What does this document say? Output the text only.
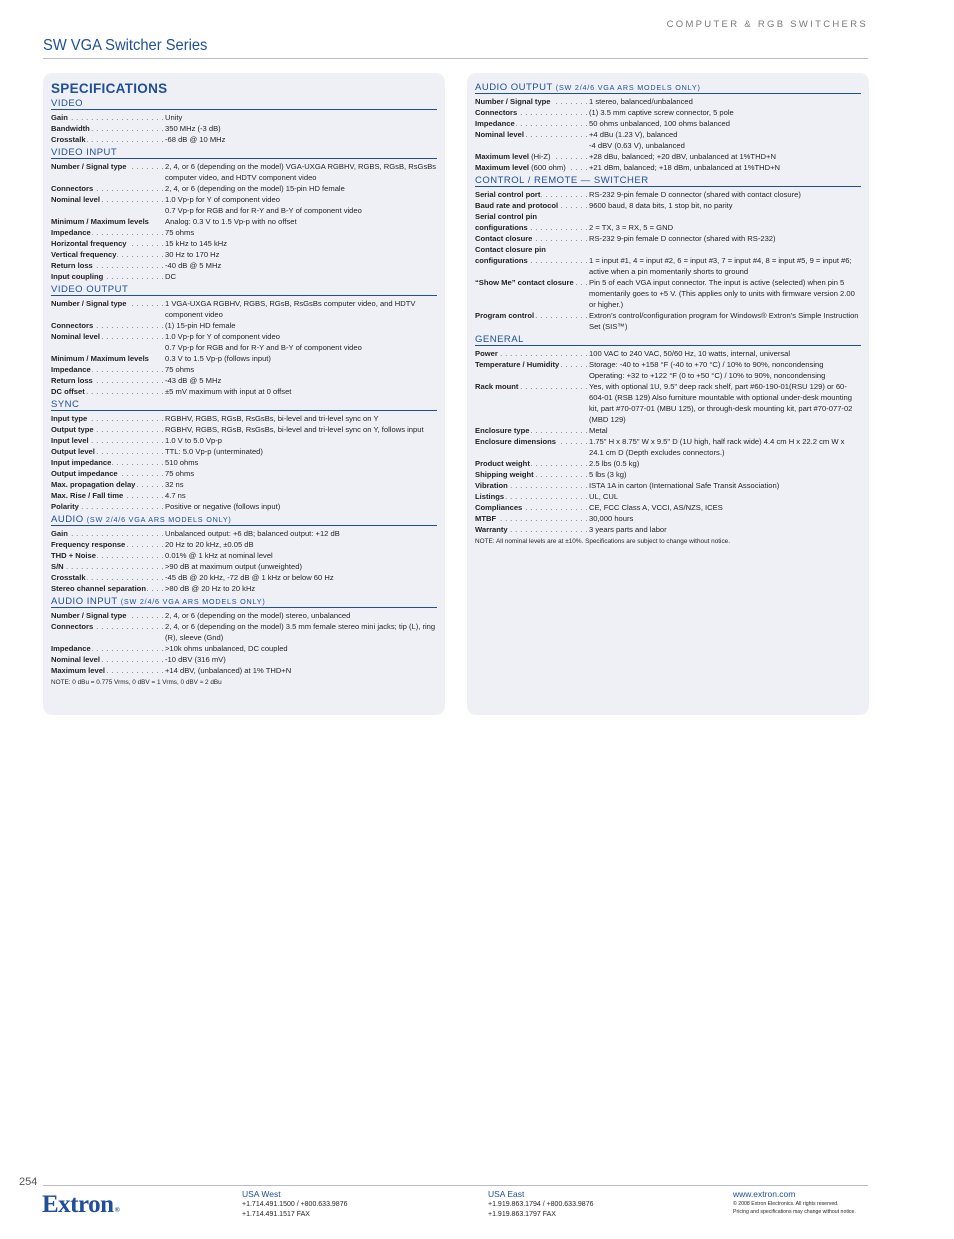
COMPUTER & RGB SWITCHERS
SW VGA Switcher Series
SPECIFICATIONS
VIDEO
Gain . . .	Unity
Bandwidth . . .	350 MHz (-3 dB)
Crosstalk . . .	-68 dB @ 10 MHz
VIDEO INPUT
Number / Signal type . . .	2, 4, or 6 (depending on the model) VGA-UXGA RGBHV, RGBS, RGsB, RsGsBs computer video, and HDTV component video
Connectors . . .	2, 4, or 6 (depending on the model) 15-pin HD female
Nominal level . . .	1.0 Vp-p for Y of component video
0.7 Vp-p for RGB and for R-Y and B-Y of component video
Minimum / Maximum levels	Analog: 0.3 V to 1.5 Vp-p with no offset
Impedance . . .	75 ohms
Horizontal frequency . . .	15 kHz to 145 kHz
Vertical frequency . . .	30 Hz to 170 Hz
Return loss . . .	-40 dB @ 5 MHz
Input coupling . . .	DC
VIDEO OUTPUT
Number / Signal type . . .	1 VGA-UXGA RGBHV, RGBS, RGsB, RsGsBs computer video, and HDTV component video
Connectors . . .	(1) 15-pin HD female
Nominal level . . .	1.0 Vp-p for Y of component video
0.7 Vp-p for RGB and for R-Y and B-Y of component video
Minimum / Maximum levels	0.3 V to 1.5 Vp-p (follows input)
Impedance . . .	75 ohms
Return loss . . .	-43 dB @ 5 MHz
DC offset . . .	±5 mV maximum with input at 0 offset
SYNC
Input type . . .	RGBHV, RGBS, RGsB, RsGsBs, bi-level and tri-level sync on Y
Output type . . .	RGBHV, RGBS, RGsB, RsGsBs, bi-level and tri-level sync on Y, follows input
Input level . . .	1.0 V to 5.0 Vp-p
Output level . . .	TTL: 5.0 Vp-p (unterminated)
Input impedance . . .	510 ohms
Output impedance . . .	75 ohms
Max. propagation delay . . .	32 ns
Max. Rise / Fall time . . .	4.7 ns
Polarity . . .	Positive or negative (follows input)
AUDIO (SW 2/4/6 VGA ARS MODELS ONLY)
Gain . . .	Unbalanced output: +6 dB; balanced output: +12 dB
Frequency response . . .	20 Hz to 20 kHz, ±0.05 dB
THD + Noise . . .	0.01% @ 1 kHz at nominal level
S/N . . .	>90 dB at maximum output (unweighted)
Crosstalk . . .	-45 dB @ 20 kHz, -72 dB @ 1 kHz or below 60 Hz
Stereo channel separation . . .	>80 dB @ 20 Hz to 20 kHz
AUDIO INPUT (SW 2/4/6 VGA ARS MODELS ONLY)
Number / Signal type . . .	2, 4, or 6 (depending on the model) stereo, unbalanced
Connectors . . .	2, 4, or 6 (depending on the model) 3.5 mm female stereo mini jacks; tip (L), ring (R), sleeve (Gnd)
Impedance . . .	>10k ohms unbalanced, DC coupled
Nominal level . . .	-10 dBV (316 mV)
Maximum level . . .	+14 dBV, (unbalanced) at 1% THD+N
NOTE: 0 dBu = 0.775 Vrms, 0 dBV = 1 Vrms, 0 dBV ≈ 2 dBu
AUDIO OUTPUT (SW 2/4/6 VGA ARS MODELS ONLY)
Number / Signal type . . .	1 stereo, balanced/unbalanced
Connectors . . .	(1) 3.5 mm captive screw connector, 5 pole
Impedance . . .	50 ohms unbalanced, 100 ohms balanced
Nominal level . . .	+4 dBu (1.23 V), balanced
-4 dBV (0.63 V), unbalanced
Maximum level (Hi-Z) . . .	+28 dBu, balanced; +20 dBV, unbalanced at 1%THD+N
Maximum level (600 ohm) . . .	+21 dBm, balanced; +18 dBm, unbalanced at 1%THD+N
CONTROL / REMOTE — SWITCHER
Serial control port . . .	RS-232 9-pin female D connector (shared with contact closure)
Baud rate and protocol . . .	9600 baud, 8 data bits, 1 stop bit, no parity
Serial control pin
configurations . . .	2 = TX, 3 = RX, 5 = GND
Contact closure . . .	RS-232 9-pin female D connector (shared with RS-232)
Contact closure pin
configurations . . .	1 = input #1, 4 = input #2, 6 = input #3, 7 = input #4, 8 = input #5, 9 = input #6; active when a pin momentarily shorts to ground
“Show Me” contact closure . . .	Pin 5 of each VGA input connector. The input is active (selected) when pin 5 momentarily goes to +5 V. (This applies only to units with firmware version 2.00 or higher.)
Program control . . .	Extron’s control/configuration program for Windows® Extron’s Simple Instruction Set (SIS™)
GENERAL
Power . . .	100 VAC to 240 VAC, 50/60 Hz, 10 watts, internal, universal
Temperature / Humidity . . .	Storage: -40 to +158 °F (-40 to +70 °C) / 10% to 90%, noncondensing Operating: +32 to +122 °F (0 to +50 °C) / 10% to 90%, noncondensing
Rack mount . . .	Yes, with optional 1U, 9.5" deep rack shelf, part #60-190-01(RSU 129) or 60-604-01 (RSB 129) Also furniture mountable with optional under-desk mounting kit, part #70-077-01 (MBU 125), or through-desk mounting kit, part #70-077-02 (MBD 129)
Enclosure type . . .	Metal
Enclosure dimensions . . .	1.75" H x 8.75" W x 9.5" D (1U high, half rack wide) 4.4 cm H x 22.2 cm W x 24.1 cm D (Depth excludes connectors.)
Product weight . . .	2.5 lbs (0.5 kg)
Shipping weight . . .	5 lbs (3 kg)
Vibration . . .	ISTA 1A in carton (International Safe Transit Association)
Listings . . .	UL, CUL
Compliances . . .	CE, FCC Class A, VCCI, AS/NZS, ICES
MTBF . . .	30,000 hours
Warranty . . .	3 years parts and labor
NOTE: All nominal levels are at ±10%. Specifications are subject to change without notice.
254
Extron®
USA West
+1.714.491.1500 / +800.633.9876
+1.714.491.1517 FAX
USA East
+1.919.863.1794 / +800.633.9876
+1.919.863.1797 FAX
www.extron.com
© 2008 Extron Electronics. All rights reserved.
Pricing and specifications may change without notice.
